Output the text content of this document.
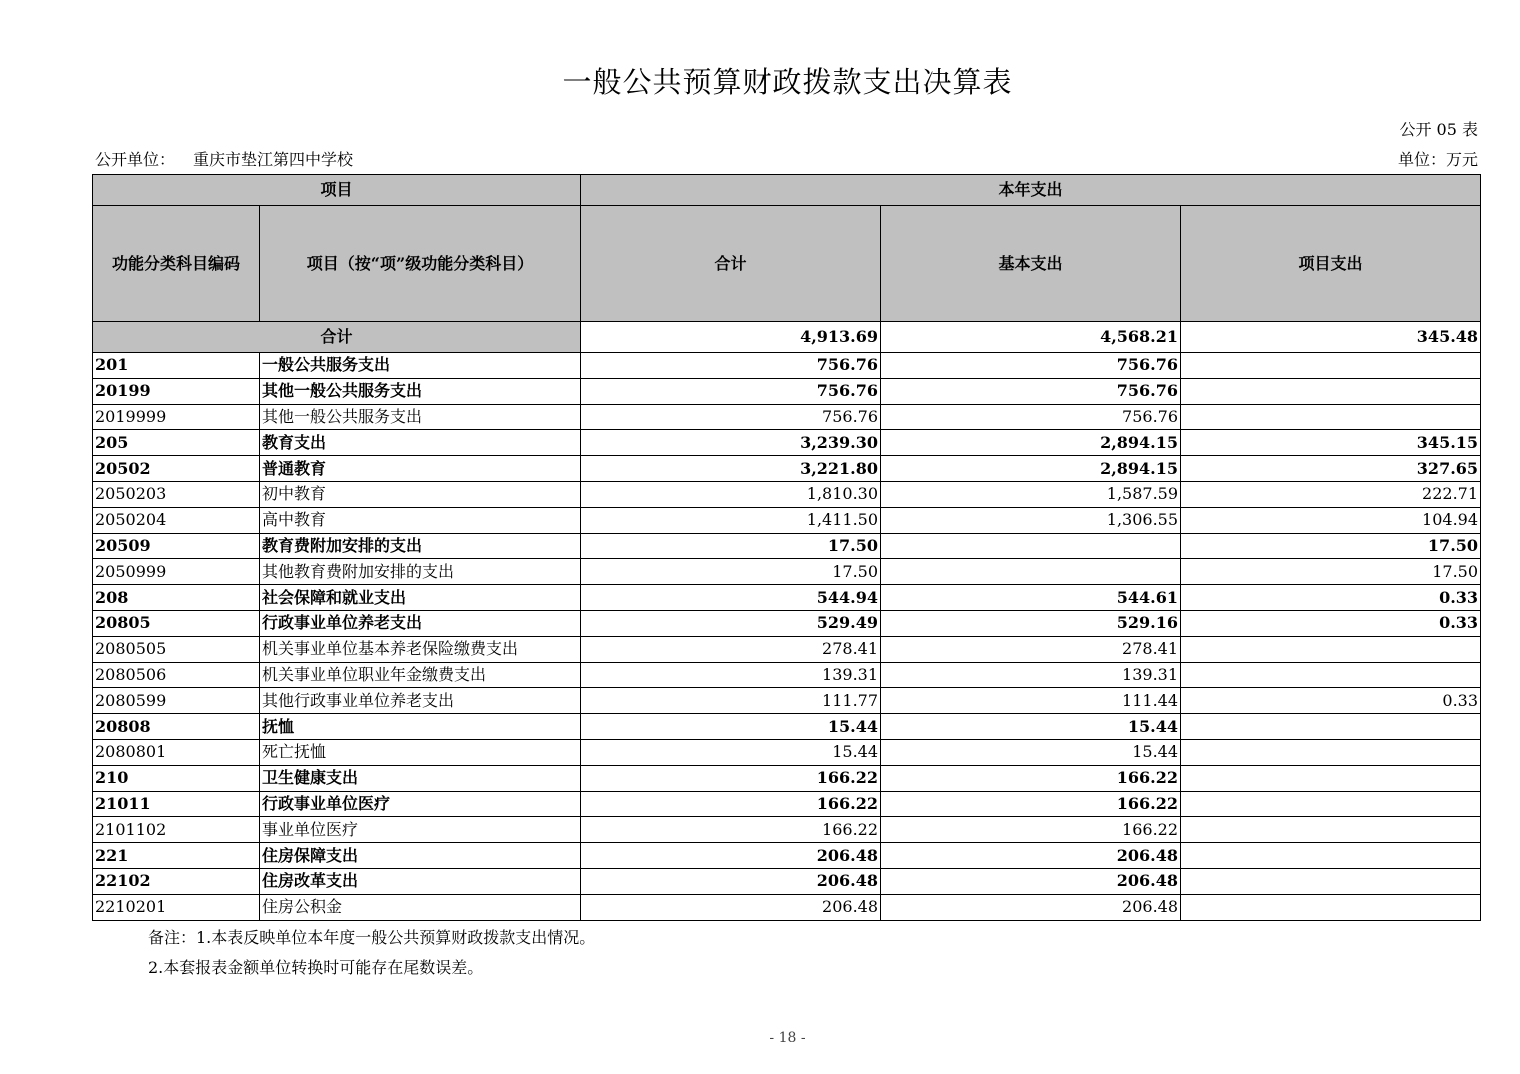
一般公共预算财政拨款支出决算表
公开 05 表
公开单位： 重庆市垫江第四中学校	单位：万元
项目		本年支出		
功能分类科目编码	项目（按“项”级功能分类科目）	合计	基本支出	项目支出
合计		4,913.69	4,568.21	345.48
201	一般公共服务支出	756.76	756.76	
20199	其他一般公共服务支出	756.76	756.76	
2019999	其他一般公共服务支出	756.76	756.76	
205	教育支出	3,239.30	2,894.15	345.15
20502	普通教育	3,221.80	2,894.15	327.65
2050203	初中教育	1,810.30	1,587.59	222.71
2050204	高中教育	1,411.50	1,306.55	104.94
20509	教育费附加安排的支出	17.50		17.50
2050999	其他教育费附加安排的支出	17.50		17.50
208	社会保障和就业支出	544.94	544.61	0.33
20805	行政事业单位养老支出	529.49	529.16	0.33
2080505	机关事业单位基本养老保险缴费支出	278.41	278.41	
2080506	机关事业单位职业年金缴费支出	139.31	139.31	
2080599	其他行政事业单位养老支出	111.77	111.44	0.33
20808	抚恤	15.44	15.44	
2080801	死亡抚恤	15.44	15.44	
210	卫生健康支出	166.22	166.22	
21011	行政事业单位医疗	166.22	166.22	
2101102	事业单位医疗	166.22	166.22	
221	住房保障支出	206.48	206.48	
22102	住房改革支出	206.48	206.48	
2210201	住房公积金	206.48	206.48	
备注：1.本表反映单位本年度一般公共预算财政拨款支出情况。
2.本套报表金额单位转换时可能存在尾数误差。
- 18 -
